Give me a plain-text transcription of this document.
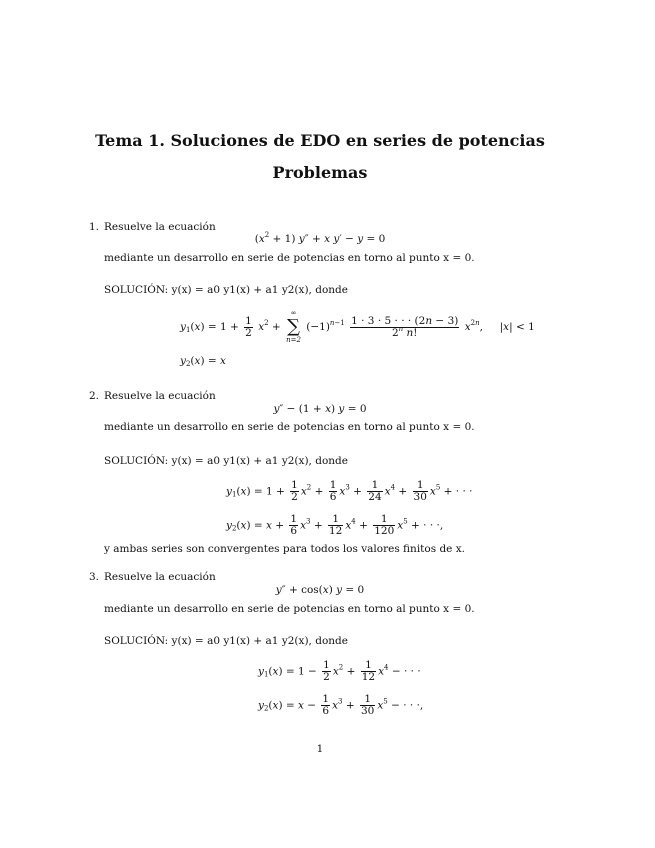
Tema 1. Soluciones de EDO en series de potencias
Problemas
1. Resuelve la ecuación
$(x^2 + 1) y'' + x$ y′ − y = 0
mediante un desarrollo en serie de potencias en torno al punto x = 0.
SOLUCIÓN: y(x) = a0 y1(x) + a1 y2(x), donde
$y_1(x) = 1 + \frac{1}{2} x^2$ +
∞
∑
n=2
$(-1)^{n-1} \frac{1 \cdot 3 \cdot 5 \cdot \cdot \cdot (2n - 3)}{2^n n!} x^{2n}$,     |x| < 1
$y_2(x) = x$
2. Resuelve la ecuación
y″ − (1 + x) y = 0
mediante un desarrollo en serie de potencias en torno al punto x = 0.
SOLUCIÓN: y(x) = a0 y1(x) + a1 y2(x), donde
$y_1(x) = 1 + \frac{1}{2} x^2 + \frac{1}{6} x^3 + \frac{1}{24} x^4 + \frac{1}{30} x^5$ + · · ·
$y_2(x) = x + \frac{1}{6} x^3 + \frac{1}{12} x^4 + \frac{1}{120} x^5$ + · · ·,
y ambas series son convergentes para todos los valores finitos de x.
3. Resuelve la ecuación
y″ + cos(x) y = 0
mediante un desarrollo en serie de potencias en torno al punto x = 0.
SOLUCIÓN: y(x) = a0 y1(x) + a1 y2(x), donde
$y_1(x) = 1 - \frac{1}{2} x^2 + \frac{1}{12} x^4$ − · · ·
$y_2(x) = x - \frac{1}{6} x^3 + \frac{1}{30} x^5$ − · · ·,
1
